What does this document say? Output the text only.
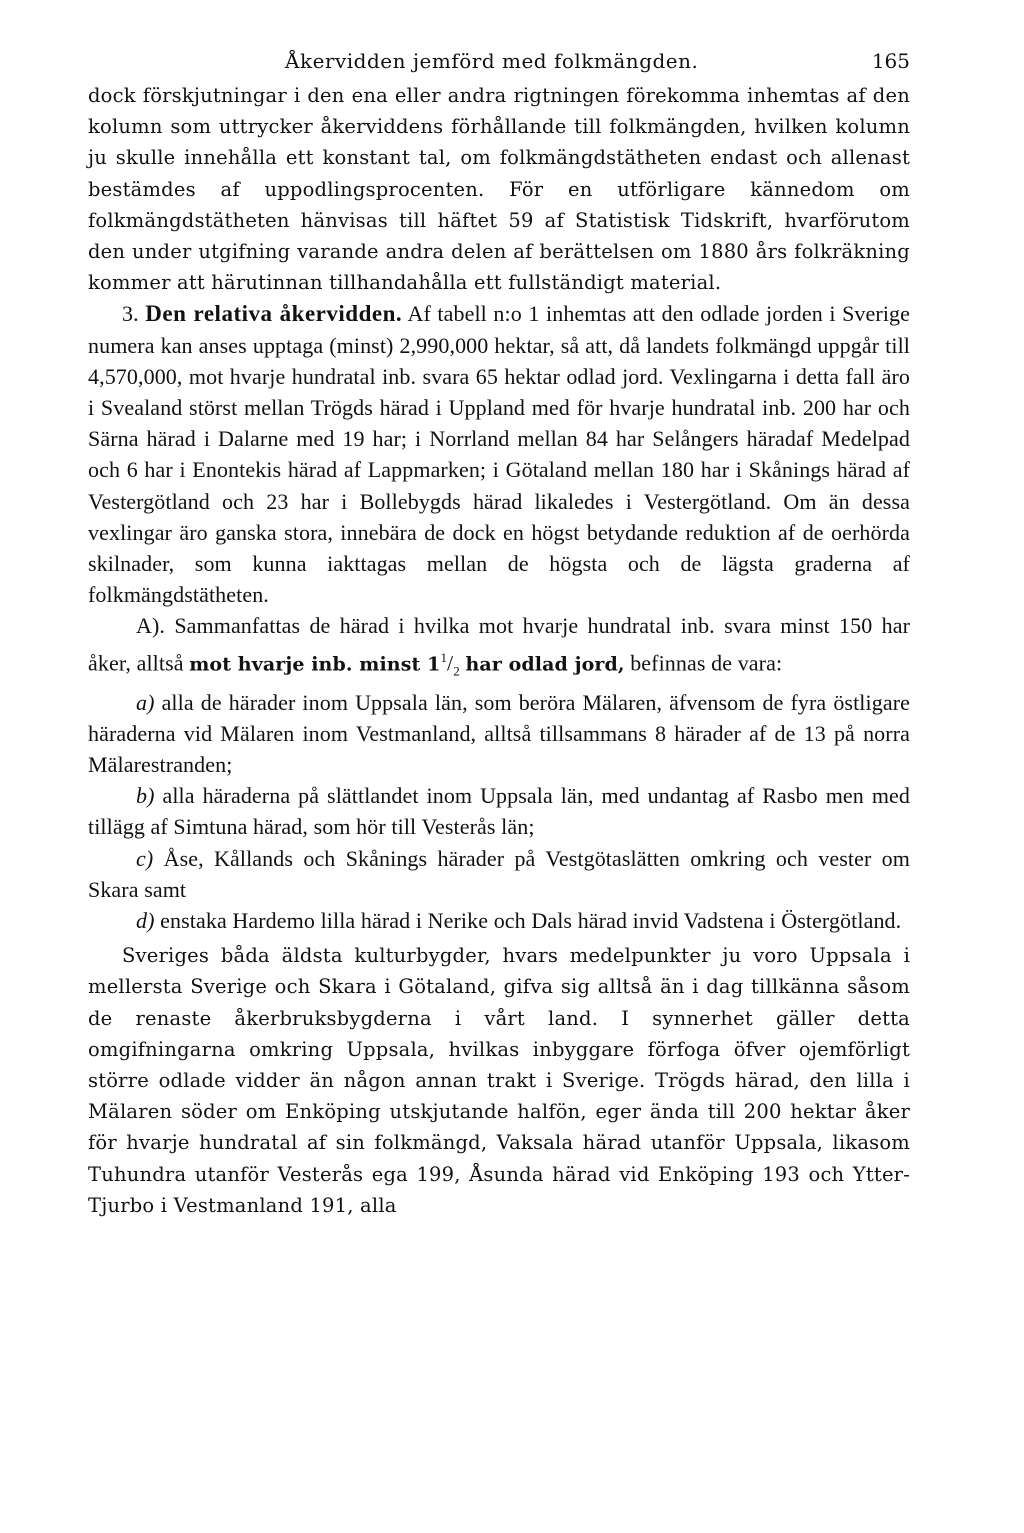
Åkervidden jemförd med folkmängden.	165

dock förskjutningar i den ena eller andra rigtningen förekomma inhemtas af den kolumn som uttrycker åkerviddens förhållande till folkmängden, hvilken kolumn ju skulle innehålla ett konstant tal, om folkmängdstätheten endast och allenast bestämdes af uppodlingsprocenten. För en utförligare kännedom om folkmängdstätheten hänvisas till häftet 59 af Statistisk Tidskrift, hvarförutom den under utgifning varande andra delen af berättelsen om 1880 års folkräkning kommer att härutinnan tillhandahålla ett fullständigt material.

3. Den relativa åkervidden. Af tabell n:o 1 inhemtas att den odlade jorden i Sverige numera kan anses upptaga (minst) 2,990,000 hektar, så att, då landets folkmängd uppgår till 4,570,000, mot hvarje hundratal inb. svara 65 hektar odlad jord. Vexlingarna i detta fall äro i Svealand störst mellan Trögds härad i Uppland med för hvarje hundratal inb. 200 har och Särna härad i Dalarne med 19 har; i Norrland mellan 84 har Selångers häradaf Medelpad och 6 har i Enontekis härad af Lappmarken; i Götaland mellan 180 har i Skånings härad af Vestergötland och 23 har i Bollebygds härad likaledes i Vestergötland. Om än dessa vexlingar äro ganska stora, innebära de dock en högst betydande reduktion af de oerhörda skilnader, som kunna iakttagas mellan de högsta och de lägsta graderna af folkmängdstätheten.

A). Sammanfattas de härad i hvilka mot hvarje hundratal inb. svara minst 150 har åker, alltså mot hvarje inb. minst $1^1/_2$ har odlad jord, befinnas de vara:

a) alla de härader inom Uppsala län, som beröra Mälaren, äfvensom de fyra östligare häraderna vid Mälaren inom Vestmanland, alltså tillsammans 8 härader af de 13 på norra Mälarestranden;

b) alla häraderna på slättlandet inom Uppsala län, med undantag af Rasbo men med tillägg af Simtuna härad, som hör till Vesterås län;

c) Åse, Kållands och Skånings härader på Vestgötaslätten omkring och vester om Skara samt

d) enstaka Hardemo lilla härad i Nerike och Dals härad invid Vadstena i Östergötland.

Sveriges båda äldsta kulturbygder, hvars medelpunkter ju voro Uppsala i mellersta Sverige och Skara i Götaland, gifva sig alltså än i dag tillkänna såsom de renaste åkerbruksbygderna i vårt land. I synnerhet gäller detta omgifningarna omkring Uppsala, hvilkas inbyggare förfoga öfver ojemförligt större odlade vidder än någon annan trakt i Sverige. Trögds härad, den lilla i Mälaren söder om Enköping utskjutande halfön, eger ända till 200 hektar åker för hvarje hundratal af sin folkmängd, Vaksala härad utanför Uppsala, likasom Tuhundra utanför Vesterås ega 199, Åsunda härad vid Enköping 193 och Ytter-Tjurbo i Vestmanland 191, alla
